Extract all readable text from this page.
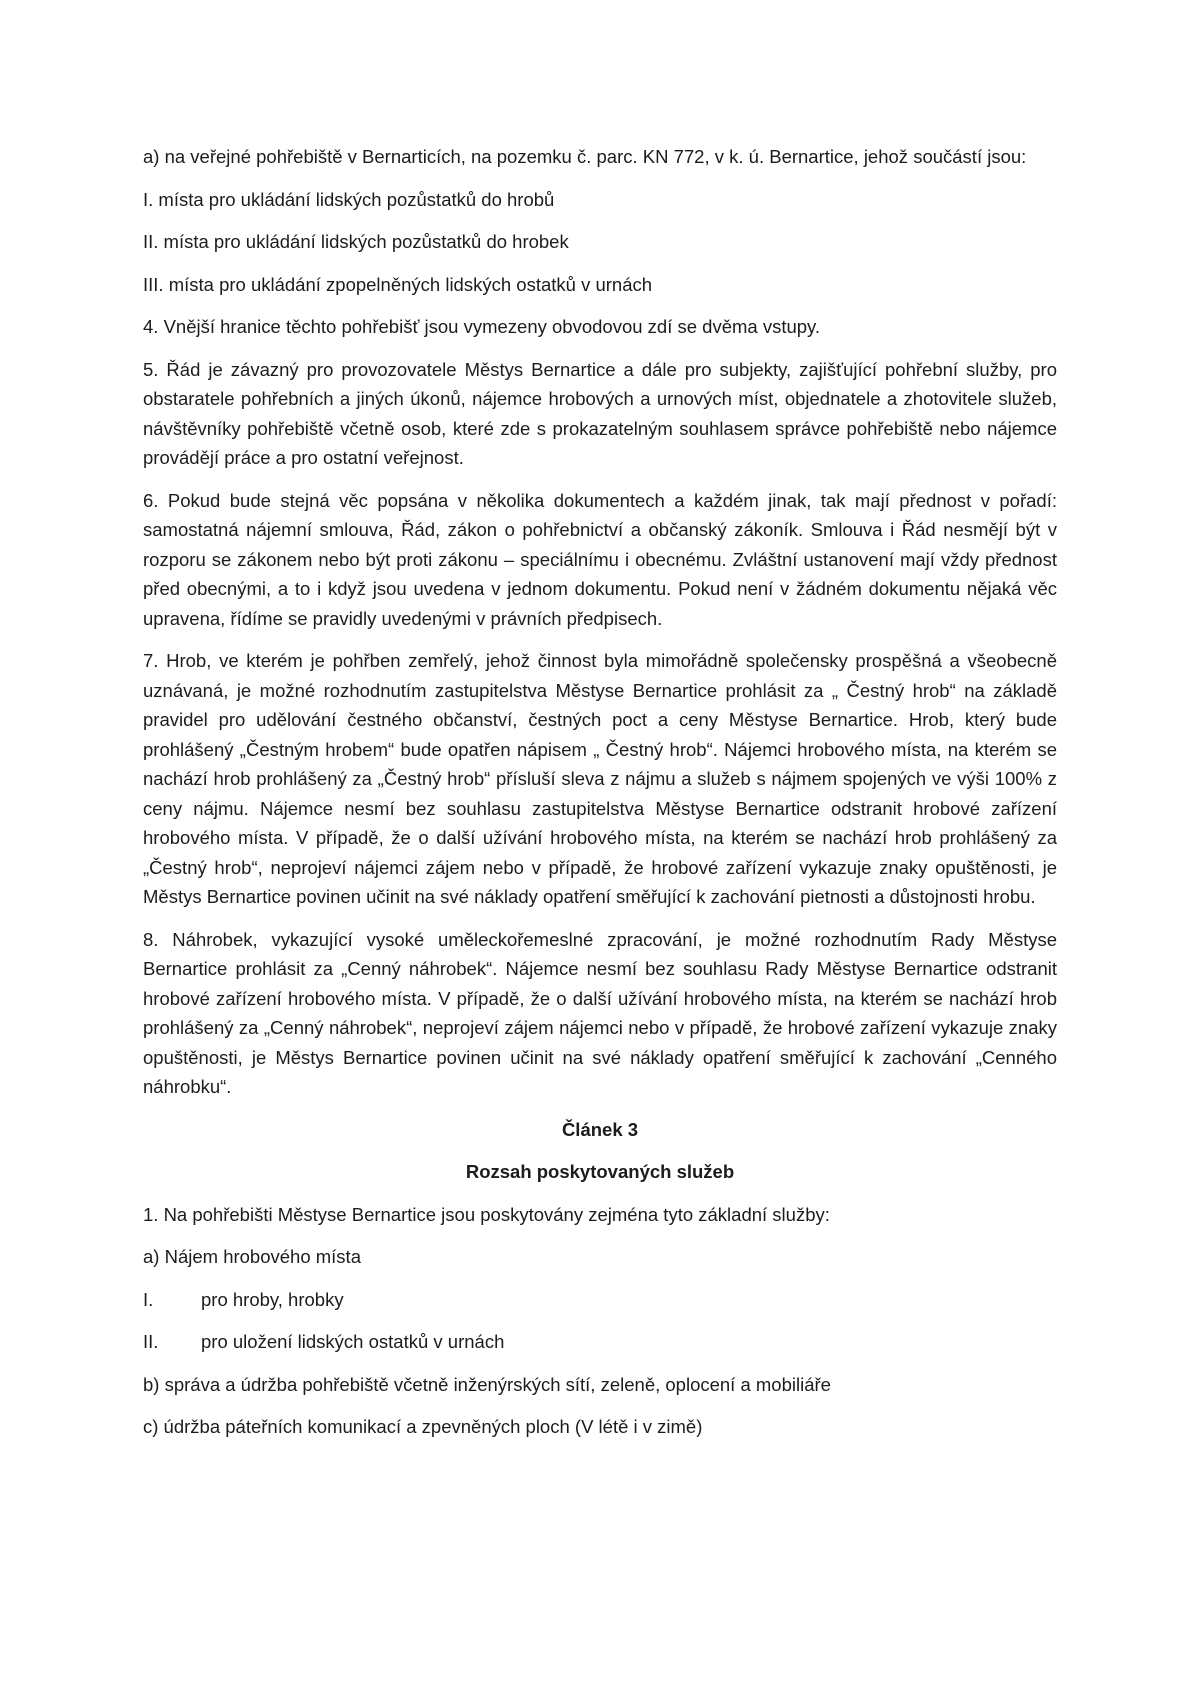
a) na veřejné pohřebiště v Bernarticích, na pozemku č. parc. KN 772, v k. ú. Bernartice, jehož součástí jsou:

I. místa pro ukládání lidských pozůstatků do hrobů

II. místa pro ukládání lidských pozůstatků do hrobek

III. místa pro ukládání zpopelněných lidských ostatků v urnách

4. Vnější hranice těchto pohřebišť jsou vymezeny obvodovou zdí se dvěma vstupy.

5. Řád je závazný pro provozovatele Městys Bernartice a dále pro subjekty, zajišťující pohřební služby, pro obstaratele pohřebních a jiných úkonů, nájemce hrobových a urnových míst, objednatele a zhotovitele služeb, návštěvníky pohřebiště včetně osob, které zde s prokazatelným souhlasem správce pohřebiště nebo nájemce provádějí práce a pro ostatní veřejnost.

6. Pokud bude stejná věc popsána v několika dokumentech a každém jinak, tak mají přednost v pořadí: samostatná nájemní smlouva, Řád, zákon o pohřebnictví a občanský zákoník. Smlouva i Řád nesmějí být v rozporu se zákonem nebo být proti zákonu – speciálnímu i obecnému. Zvláštní ustanovení mají vždy přednost před obecnými, a to i když jsou uvedena v jednom dokumentu. Pokud není v žádném dokumentu nějaká věc upravena, řídíme se pravidly uvedenými v právních předpisech.

7. Hrob, ve kterém je pohřben zemřelý, jehož činnost byla mimořádně společensky prospěšná a všeobecně uznávaná, je možné rozhodnutím zastupitelstva Městyse Bernartice prohlásit za „ Čestný hrob“ na základě pravidel pro udělování čestného občanství, čestných poct a ceny Městyse Bernartice. Hrob, který bude prohlášený „Čestným hrobem“ bude opatřen nápisem „ Čestný hrob“. Nájemci hrobového místa, na kterém se nachází hrob prohlášený za „Čestný hrob“ přísluší sleva z nájmu a služeb s nájmem spojených ve výši 100% z ceny nájmu. Nájemce nesmí bez souhlasu zastupitelstva Městyse Bernartice odstranit hrobové zařízení hrobového místa. V případě, že o další užívání hrobového místa, na kterém se nachází hrob prohlášený za „Čestný hrob“, neprojeví nájemci zájem nebo v případě, že hrobové zařízení vykazuje znaky opuštěnosti, je Městys Bernartice povinen učinit na své náklady opatření směřující k zachování pietnosti a důstojnosti hrobu.

8. Náhrobek, vykazující vysoké uměleckořemeslné zpracování, je možné rozhodnutím Rady Městyse Bernartice prohlásit za „Cenný náhrobek“. Nájemce nesmí bez souhlasu Rady Městyse Bernartice odstranit hrobové zařízení hrobového místa. V případě, že o další užívání hrobového místa, na kterém se nachází hrob prohlášený za „Cenný náhrobek“, neprojeví zájem nájemci nebo v případě, že hrobové zařízení vykazuje znaky opuštěnosti, je Městys Bernartice povinen učinit na své náklady opatření směřující k zachování „Cenného náhrobku“.

Článek 3

Rozsah poskytovaných služeb

1. Na pohřebišti Městyse Bernartice jsou poskytovány zejména tyto základní služby:

a) Nájem hrobového místa

I.	pro hroby, hrobky
II.	pro uložení lidských ostatků v urnách

b) správa a údržba pohřebiště včetně inženýrských sítí, zeleně, oplocení a mobiliáře

c) údržba páteřních komunikací a zpevněných ploch (V létě i v zimě)
